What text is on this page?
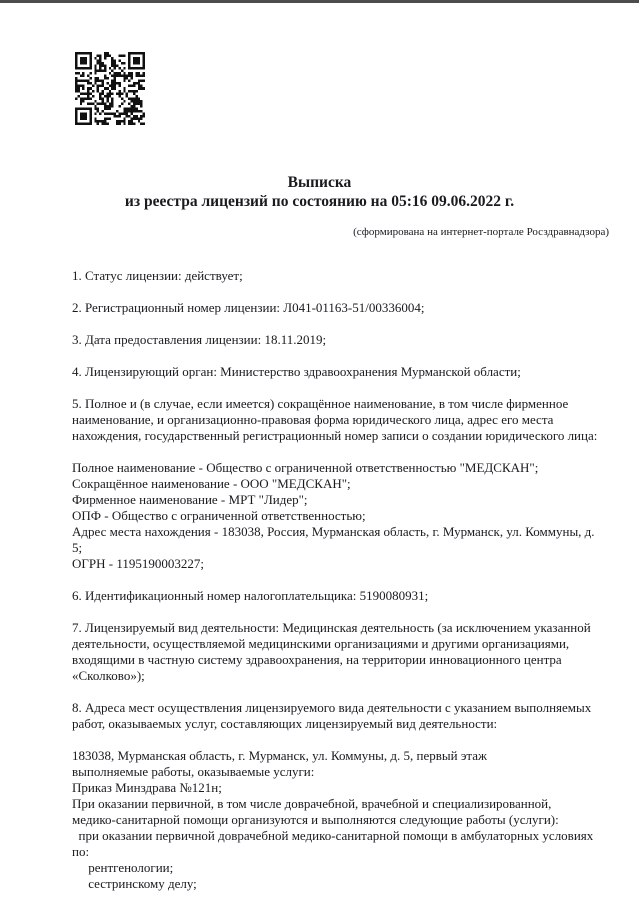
Выписка
из реестра лицензий по состоянию на 05:16 09.06.2022 г.
(сформирована на интернет-портале Росздравнадзора)
1. Статус лицензии: действует;
2. Регистрационный номер лицензии: Л041-01163-51/00336004;
3. Дата предоставления лицензии: 18.11.2019;
4. Лицензирующий орган: Министерство здравоохранения Мурманской области;
5. Полное и (в случае, если имеется) сокращённое наименование, в том числе фирменное
наименование, и организационно-правовая форма юридического лица, адрес его места
нахождения, государственный регистрационный номер записи о создании юридического лица:
Полное наименование - Общество с ограниченной ответственностью "МЕДСКАН";
Сокращённое наименование - ООО "МЕДСКАН";
Фирменное наименование - МРТ "Лидер";
ОПФ - Общество с ограниченной ответственностью;
Адрес места нахождения - 183038, Россия, Мурманская область, г. Мурманск, ул. Коммуны, д.
5;
ОГРН - 1195190003227;
6. Идентификационный номер налогоплательщика: 5190080931;
7. Лицензируемый вид деятельности: Медицинская деятельность (за исключением указанной
деятельности, осуществляемой медицинскими организациями и другими организациями,
входящими в частную систему здравоохранения, на территории инновационного центра
«Сколково»);
8. Адреса мест осуществления лицензируемого вида деятельности с указанием выполняемых
работ, оказываемых услуг, составляющих лицензируемый вид деятельности:
183038, Мурманская область, г. Мурманск, ул. Коммуны, д. 5, первый этаж
выполняемые работы, оказываемые услуги:
Приказ Минздрава №121н;
При оказании первичной, в том числе доврачебной, врачебной и специализированной,
медико-санитарной помощи организуются и выполняются следующие работы (услуги):
при оказании первичной доврачебной медико-санитарной помощи в амбулаторных условиях
по:
рентгенологии;
сестринскому делу;
